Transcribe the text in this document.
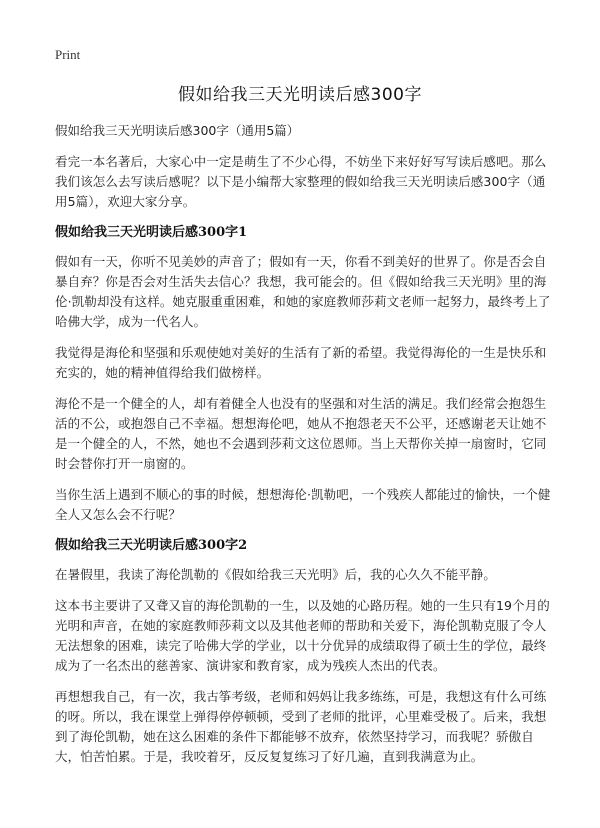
Print
假如给我三天光明读后感300字

假如给我三天光明读后感300字（通用5篇）

看完一本名著后，大家心中一定是萌生了不少心得，不妨坐下来好好写写读后感吧。那么我们该怎么去写读后感呢？以下是小编帮大家整理的假如给我三天光明读后感300字（通用5篇），欢迎大家分享。

假如给我三天光明读后感300字1

假如有一天，你听不见美妙的声音了；假如有一天，你看不到美好的世界了。你是否会自暴自弃？你是否会对生活失去信心？我想，我可能会的。但《假如给我三天光明》里的海伦·凯勒却没有这样。她克服重重困难，和她的家庭教师莎莉文老师一起努力，最终考上了哈佛大学，成为一代名人。

我觉得是海伦和坚强和乐观使她对美好的生活有了新的希望。我觉得海伦的一生是快乐和充实的，她的精神值得给我们做榜样。

海伦不是一个健全的人，却有着健全人也没有的坚强和对生活的满足。我们经常会抱怨生活的不公，或抱怨自己不幸福。想想海伦吧，她从不抱怨老天不公平，还感谢老天让她不是一个健全的人，不然，她也不会遇到莎莉文这位恩师。当上天帮你关掉一扇窗时，它同时会替你打开一扇窗的。

当你生活上遇到不顺心的事的时候，想想海伦·凯勒吧，一个残疾人都能过的愉快，一个健全人又怎么会不行呢？

假如给我三天光明读后感300字2

在暑假里，我读了海伦凯勒的《假如给我三天光明》后，我的心久久不能平静。

这本书主要讲了又聋又盲的海伦凯勒的一生，以及她的心路历程。她的一生只有19个月的光明和声音，在她的家庭教师莎莉文以及其他老师的帮助和关爱下，海伦凯勒克服了令人无法想象的困难，读完了哈佛大学的学业，以十分优异的成绩取得了硕士生的学位，最终成为了一名杰出的慈善家、演讲家和教育家，成为残疾人杰出的代表。

再想想我自己，有一次，我古筝考级，老师和妈妈让我多练练，可是，我想这有什么可练的呀。所以，我在课堂上弹得停停顿顿，受到了老师的批评，心里难受极了。后来，我想到了海伦凯勒，她在这么困难的条件下都能够不放弃，依然坚持学习，而我呢？骄傲自大，怕苦怕累。于是，我咬着牙，反反复复练习了好几遍，直到我满意为止。
